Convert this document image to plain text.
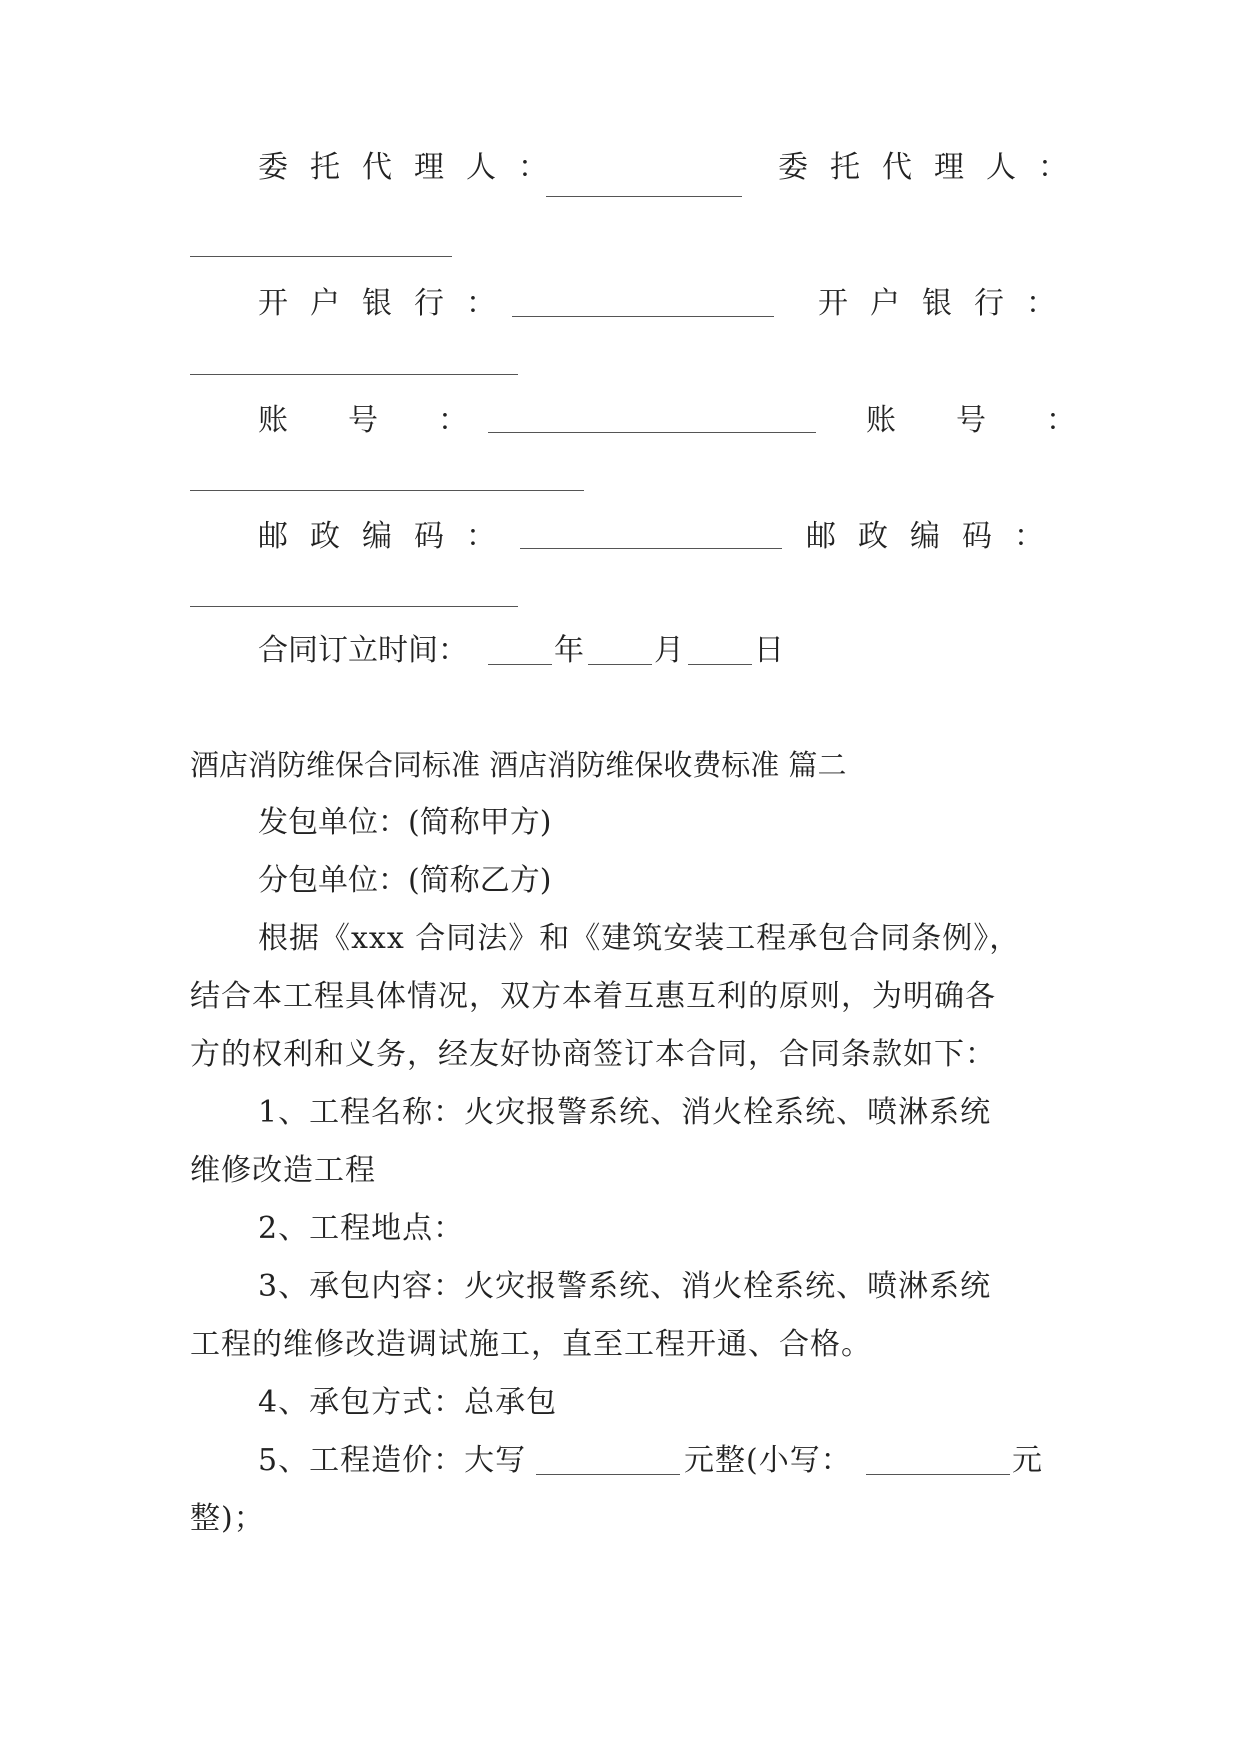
委托代理人：	委托代理人：
开户银行：	开户银行：
账号：	账号：
邮政编码：	邮政编码：
合同订立时间：	年 月 日
酒店消防维保合同标准 酒店消防维保收费标准 篇二
发包单位：(简称甲方)
分包单位：(简称乙方)
根据《xxx 合同法》和《建筑安装工程承包合同条例》，
结合本工程具体情况，双方本着互惠互利的原则，为明确各
方的权利和义务，经友好协商签订本合同，合同条款如下：
1、工程名称：火灾报警系统、消火栓系统、喷淋系统
维修改造工程
2、工程地点：
3、承包内容：火灾报警系统、消火栓系统、喷淋系统
工程的维修改造调试施工，直至工程开通、合格。
4、承包方式：总承包
5、工程造价：大写	元整(小写：	元
整)；
